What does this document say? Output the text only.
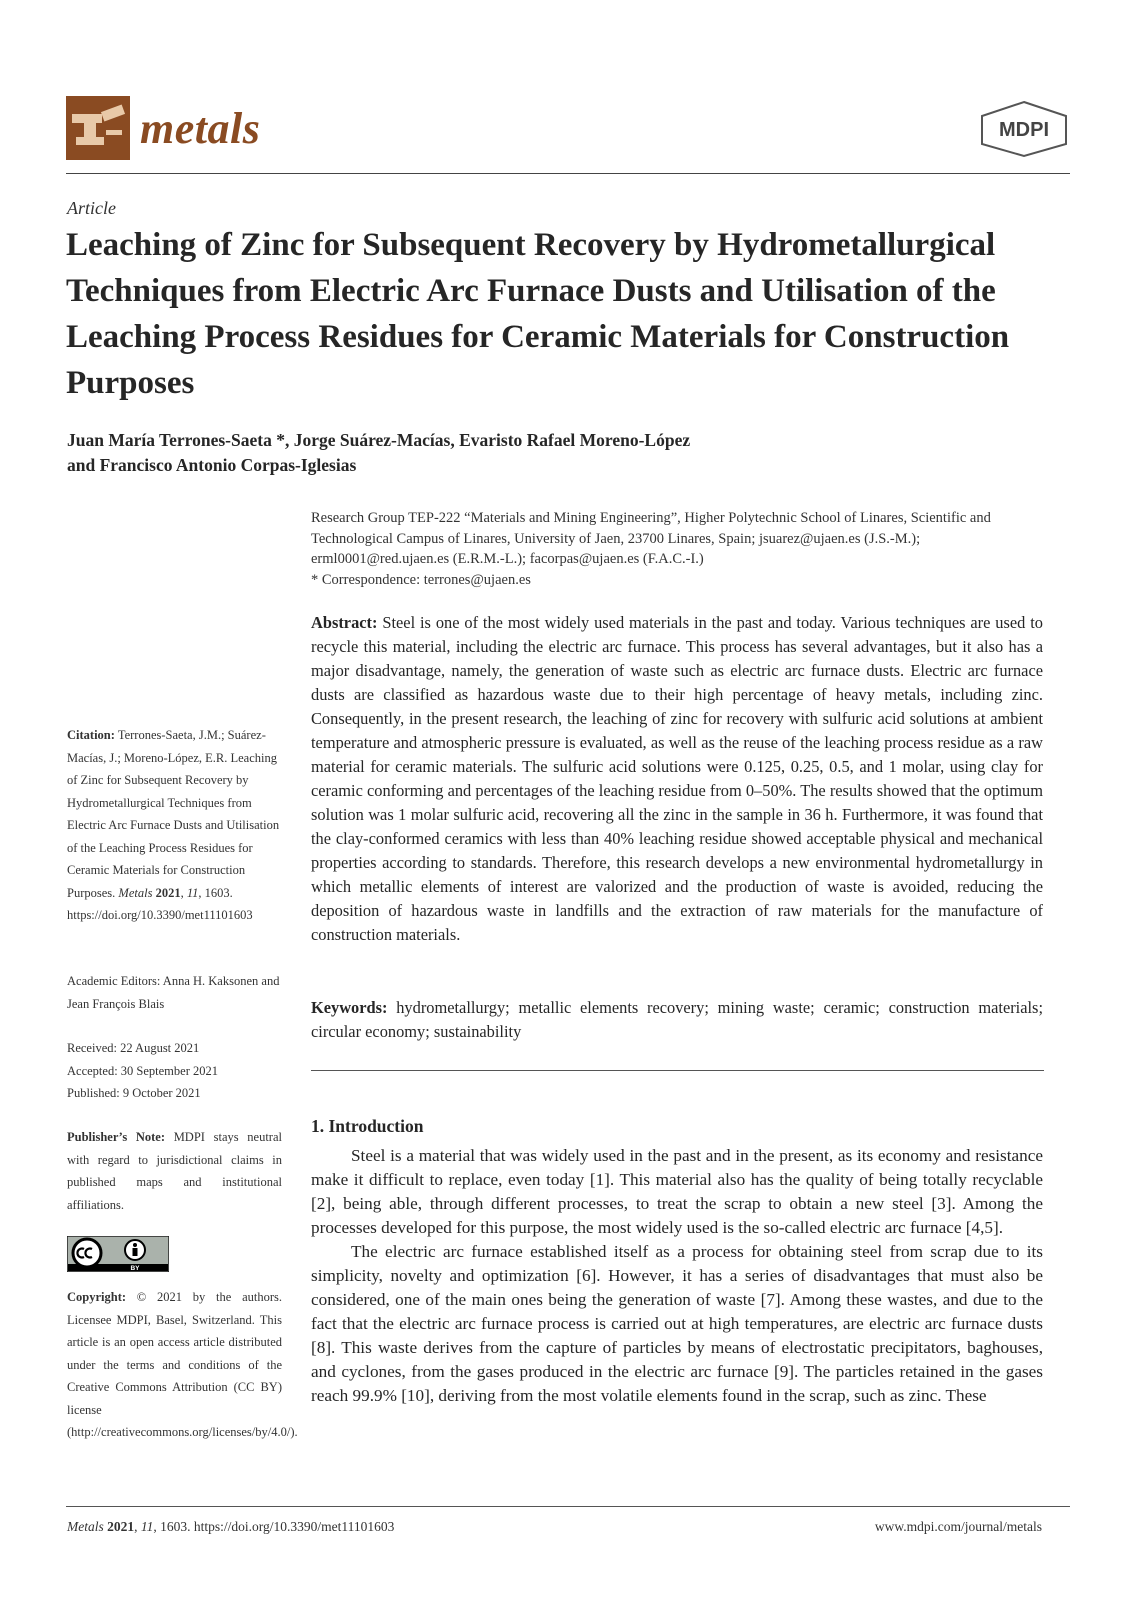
metals	MDPI
Article
Leaching of Zinc for Subsequent Recovery by Hydrometallurgical Techniques from Electric Arc Furnace Dusts and Utilisation of the Leaching Process Residues for Ceramic Materials for Construction Purposes
Juan María Terrones-Saeta *, Jorge Suárez-Macías, Evaristo Rafael Moreno-López
and Francisco Antonio Corpas-Iglesias
Research Group TEP-222 “Materials and Mining Engineering”, Higher Polytechnic School of Linares, Scientific and Technological Campus of Linares, University of Jaen, 23700 Linares, Spain; jsuarez@ujaen.es (J.S.-M.); erml0001@red.ujaen.es (E.R.M.-L.); facorpas@ujaen.es (F.A.C.-I.)
* Correspondence: terrones@ujaen.es
Abstract: Steel is one of the most widely used materials in the past and today. Various techniques are used to recycle this material, including the electric arc furnace. This process has several advantages, but it also has a major disadvantage, namely, the generation of waste such as electric arc furnace dusts. Electric arc furnace dusts are classified as hazardous waste due to their high percentage of heavy metals, including zinc. Consequently, in the present research, the leaching of zinc for recovery with sulfuric acid solutions at ambient temperature and atmospheric pressure is evaluated, as well as the reuse of the leaching process residue as a raw material for ceramic materials. The sulfuric acid solutions were 0.125, 0.25, 0.5, and 1 molar, using clay for ceramic conforming and percentages of the leaching residue from 0–50%. The results showed that the optimum solution was 1 molar sulfuric acid, recovering all the zinc in the sample in 36 h. Furthermore, it was found that the clay-conformed ceramics with less than 40% leaching residue showed acceptable physical and mechanical properties according to standards. Therefore, this research develops a new environmental hydrometallurgy in which metallic elements of interest are valorized and the production of waste is avoided, reducing the deposition of hazardous waste in landfills and the extraction of raw materials for the manufacture of construction materials.
Keywords: hydrometallurgy; metallic elements recovery; mining waste; ceramic; construction materials; circular economy; sustainability
1. Introduction

Steel is a material that was widely used in the past and in the present, as its economy and resistance make it difficult to replace, even today [1]. This material also has the quality of being totally recyclable [2], being able, through different processes, to treat the scrap to obtain a new steel [3]. Among the processes developed for this purpose, the most widely used is the so-called electric arc furnace [4,5].

The electric arc furnace established itself as a process for obtaining steel from scrap due to its simplicity, novelty and optimization [6]. However, it has a series of disadvantages that must also be considered, one of the main ones being the generation of waste [7]. Among these wastes, and due to the fact that the electric arc furnace process is carried out at high temperatures, are electric arc furnace dusts [8]. This waste derives from the capture of particles by means of electrostatic precipitators, baghouses, and cyclones, from the gases produced in the electric arc furnace [9]. The particles retained in the gases reach 99.9% [10], deriving from the most volatile elements found in the scrap, such as zinc. These

Citation: Terrones-Saeta, J.M.; Suárez-Macías, J.; Moreno-López, E.R. Leaching of Zinc for Subsequent Recovery by Hydrometallurgical Techniques from Electric Arc Furnace Dusts and Utilisation of the Leaching Process Residues for Ceramic Materials for Construction Purposes. Metals 2021, 11, 1603. https://doi.org/10.3390/met11101603
Academic Editors: Anna H. Kaksonen and Jean François Blais
Received: 22 August 2021
Accepted: 30 September 2021
Published: 9 October 2021
Publisher’s Note: MDPI stays neutral with regard to jurisdictional claims in published maps and institutional affiliations.
BY
Copyright: © 2021 by the authors. Licensee MDPI, Basel, Switzerland. This article is an open access article distributed under the terms and conditions of the Creative Commons Attribution (CC BY) license (http://creativecommons.org/licenses/by/4.0/).
Metals 2021, 11, 1603. https://doi.org/10.3390/met11101603	www.mdpi.com/journal/metals
